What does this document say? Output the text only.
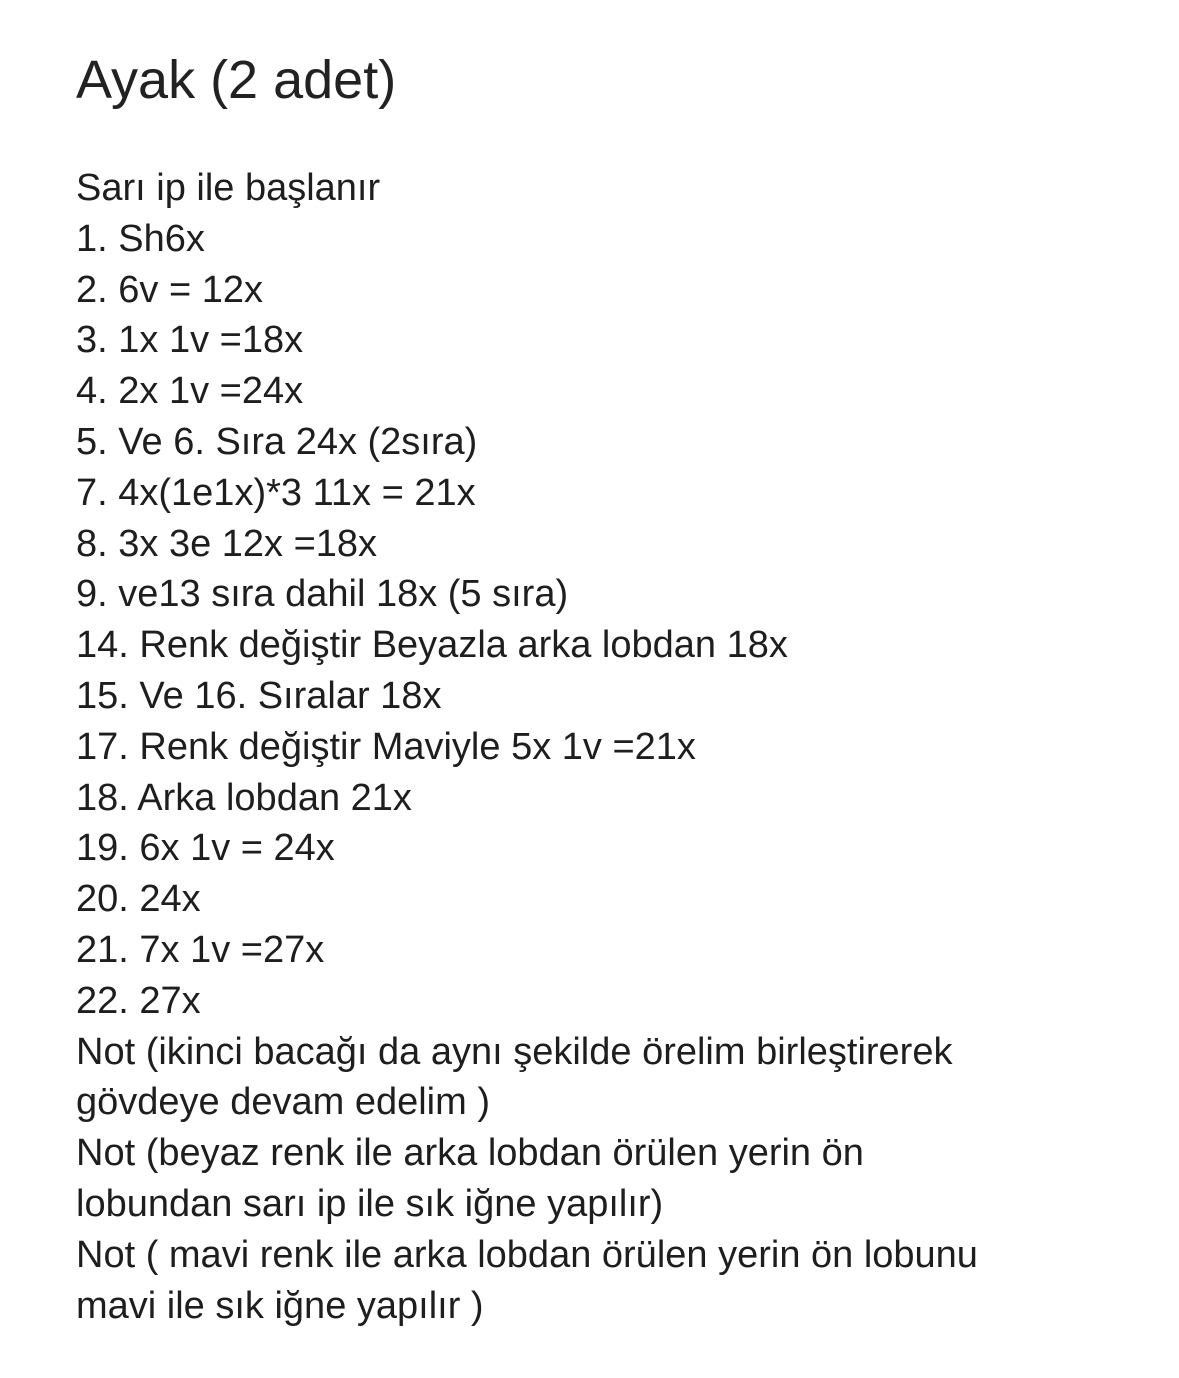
Ayak (2 adet)
Sarı ip ile başlanır
1. Sh6x
2. 6v = 12x
3. 1x 1v =18x
4. 2x 1v =24x
5. Ve 6. Sıra 24x (2sıra)
7. 4x(1e1x)*3 11x = 21x
8. 3x 3e 12x =18x
9. ve13 sıra dahil 18x (5 sıra)
14. Renk değiştir Beyazla arka lobdan 18x
15. Ve 16. Sıralar 18x
17. Renk değiştir Maviyle 5x 1v =21x
18. Arka lobdan 21x
19. 6x 1v = 24x
20. 24x
21. 7x 1v =27x
22. 27x
Not (ikinci bacağı da aynı şekilde örelim birleştirerek
gövdeye devam edelim )
Not (beyaz renk ile arka lobdan örülen yerin ön
lobundan sarı ip ile sık iğne yapılır)
Not ( mavi renk ile arka lobdan örülen yerin ön lobunu
mavi ile sık iğne yapılır )
